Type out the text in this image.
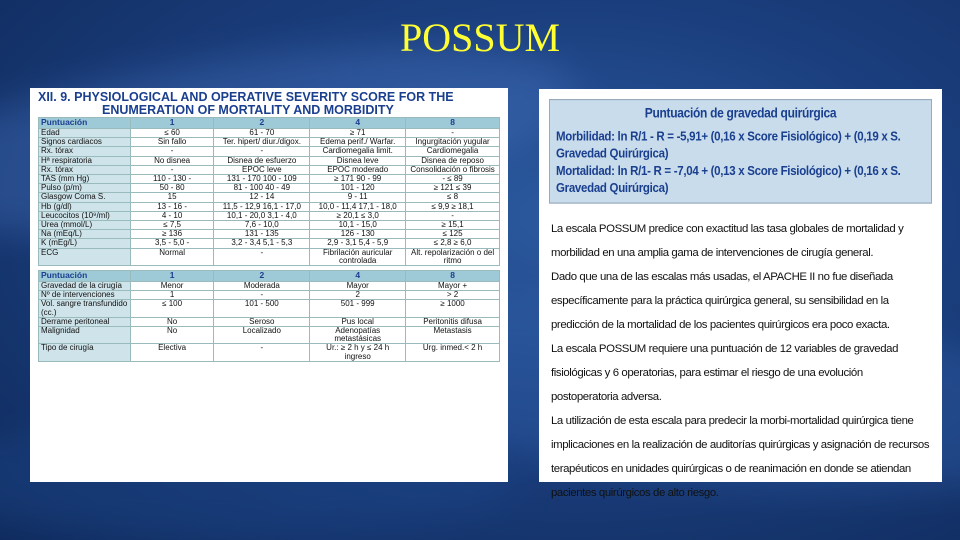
POSSUM
XII. 9. PHYSIOLOGICAL AND OPERATIVE SEVERITY SCORE FOR THE
ENUMERATION OF MORTALITY AND MORBIDITY
Puntuación	1	2	4	8
Edad	≤ 60	61 - 70	≥ 71	-
Signos cardiacos	Sin fallo	Ter. hipert/ diur./digox.	Edema perif./ Warfar.	Ingurgitación yugular
Rx. tórax	-	-	Cardiomegalia limit.	Cardiomegalia
Hª respiratoria	No disnea	Disnea de esfuerzo	Disnea leve	Disnea de reposo
Rx. tórax	-	EPOC leve	EPOC moderado	Consolidación o fibrosis
TAS (mm Hg)	110 - 130 -	131 - 170 100 - 109	≥ 171 90 - 99	- ≤ 89
Pulso (p/m)	50 - 80	81 - 100 40 - 49	101 - 120	≥ 121 ≤ 39
Glasgow Coma S.	15	12 - 14	9 - 11	≤ 8
Hb (g/dl)	13 - 16 -	11,5 - 12,9 16,1 - 17,0	10,0 - 11,4 17,1 - 18,0	≤ 9,9 ≥ 18,1
Leucocitos (10⁹/ml)	4 - 10	10,1 - 20,0 3,1 - 4,0	≥ 20,1 ≤ 3,0	-
Urea (mmol/L)	≤ 7,5	7,6 - 10,0	10,1 - 15,0	≥ 15,1
Na (mEq/L)	≥ 136	131 - 135	126 - 130	≤ 125
K (mEg/L)	3,5 - 5,0 -	3,2 - 3,4 5,1 - 5,3	2,9 - 3,1 5,4 - 5,9	≤ 2,8 ≥ 6,0
ECG	Normal	-	Fibrilación auricular controlada	Alt. repolarización o del ritmo
Puntuación	1	2	4	8
Gravedad de la cirugía	Menor	Moderada	Mayor	Mayor +
Nº de intervenciones	1	-	2	> 2
Vol. sangre transfundido (cc.)	≤ 100	101 - 500	501 - 999	≥ 1000
Derrame peritoneal	No	Seroso	Pus local	Peritonitis difusa
Malignidad	No	Localizado	Adenopatías metastásicas	Metastasis
Tipo de cirugía	Electiva	-	Ur.: ≥ 2 h y ≤ 24 h ingreso	Urg. inmed.< 2 h
Puntuación de gravedad quirúrgica
Morbilidad: ln R/1 - R = -5,91+ (0,16 x Score Fisiológico) + (0,19 x S. Gravedad Quirúrgica)
Mortalidad: ln R/1- R = -7,04 + (0,13 x Score Fisiológico) + (0,16 x S. Gravedad Quirúrgica)

La escala POSSUM predice con exactitud las tasa globales de mortalidad y morbilidad en una amplia gama de intervenciones de cirugía general.

Dado que una de las escalas más usadas, el APACHE II no fue diseñada específicamente para la práctica quirúrgica general, su sensibilidad en la predicción de la mortalidad de los pacientes quirúrgicos era poco exacta.

La escala POSSUM requiere una puntuación de 12 variables de gravedad fisiológicas y 6 operatorias, para estimar el riesgo de una evolución postoperatoria adversa.

La utilización de esta escala para predecir la morbi-mortalidad quirúrgica tiene implicaciones en la realización de auditorías quirúrgicas y asignación de recursos terapéuticos en unidades quirúrgicas o de reanimación en donde se atiendan pacientes quirúrgicos de alto riesgo.
